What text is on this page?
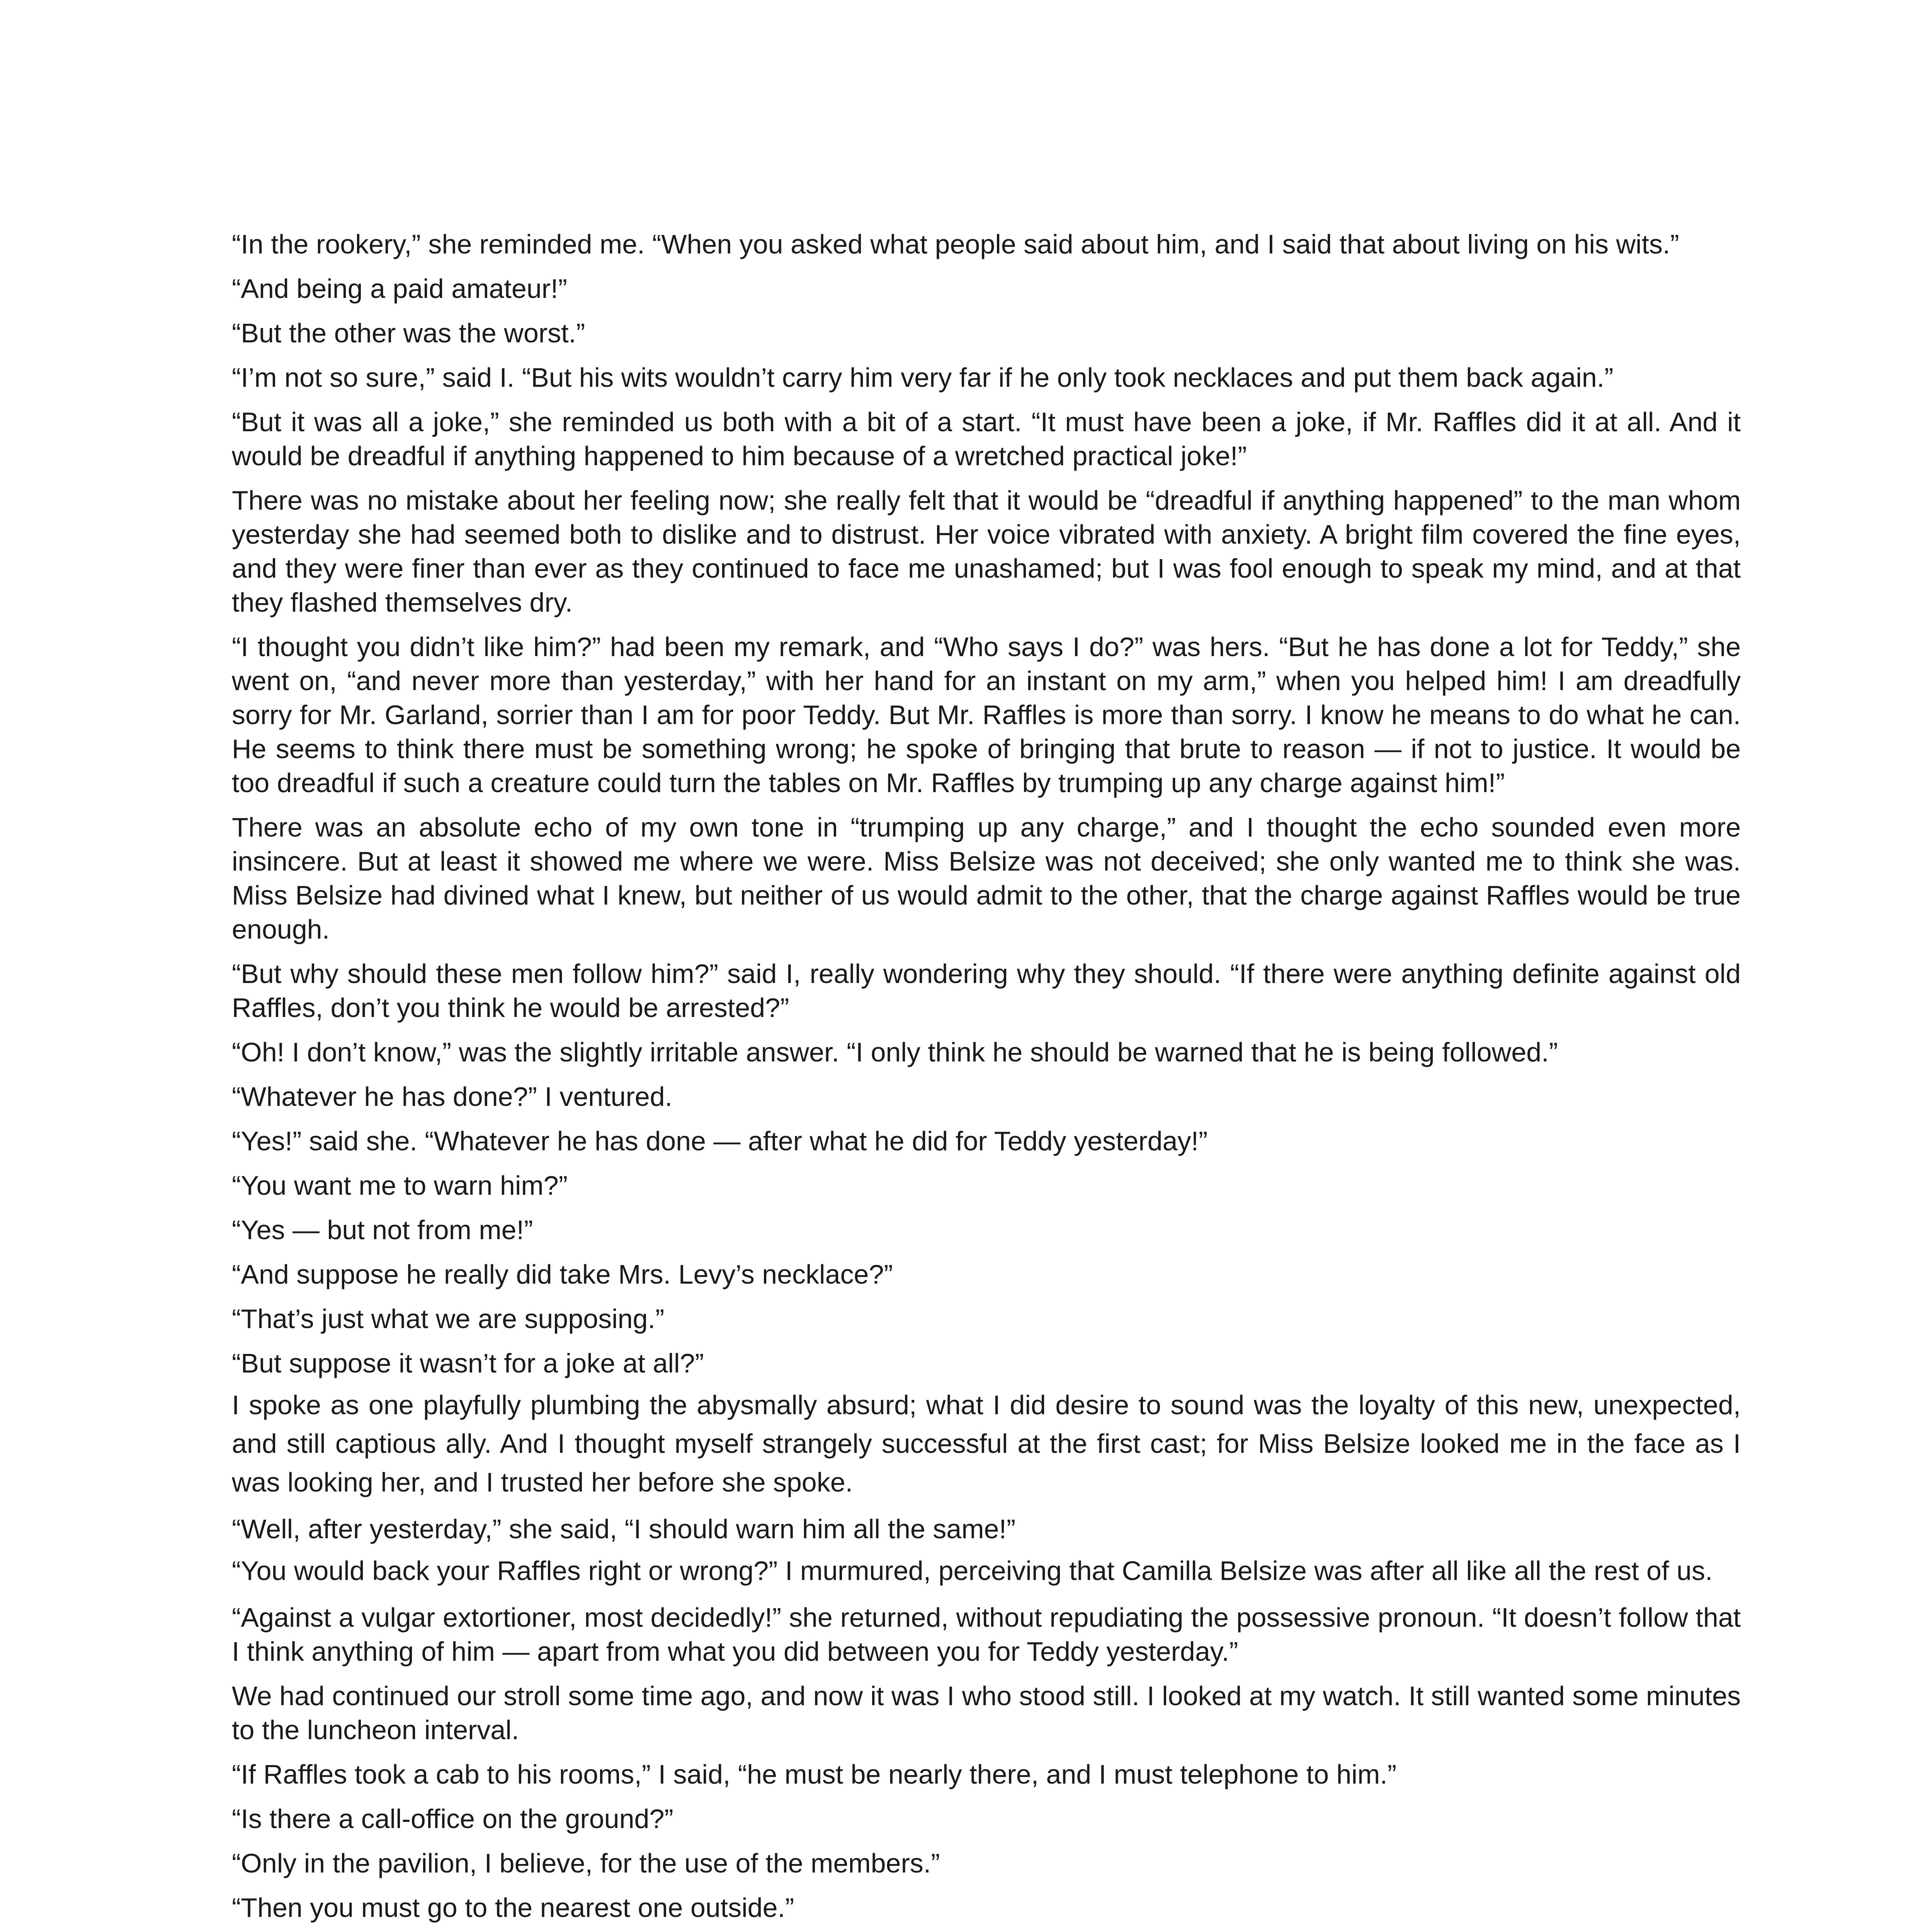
“In the rookery,” she reminded me. “When you asked what people said about him, and I said that about living on his wits.”

“And being a paid amateur!”

“But the other was the worst.”

“I’m not so sure,” said I. “But his wits wouldn’t carry him very far if he only took necklaces and put them back again.”

“But it was all a joke,” she reminded us both with a bit of a start. “It must have been a joke, if Mr. Raffles did it at all. And it would be dreadful if anything happened to him because of a wretched practical joke!”

There was no mistake about her feeling now; she really felt that it would be “dreadful if anything happened” to the man whom yesterday she had seemed both to dislike and to distrust. Her voice vibrated with anxiety. A bright film covered the fine eyes, and they were finer than ever as they continued to face me unashamed; but I was fool enough to speak my mind, and at that they flashed themselves dry.

“I thought you didn’t like him?” had been my remark, and “Who says I do?” was hers. “But he has done a lot for Teddy,” she went on, “and never more than yesterday,” with her hand for an instant on my arm,” when you helped him! I am dreadfully sorry for Mr. Garland, sorrier than I am for poor Teddy. But Mr. Raffles is more than sorry. I know he means to do what he can. He seems to think there must be something wrong; he spoke of bringing that brute to reason — if not to justice. It would be too dreadful if such a creature could turn the tables on Mr. Raffles by trumping up any charge against him!”

There was an absolute echo of my own tone in “trumping up any charge,” and I thought the echo sounded even more insincere. But at least it showed me where we were. Miss Belsize was not deceived; she only wanted me to think she was. Miss Belsize had divined what I knew, but neither of us would admit to the other, that the charge against Raffles would be true enough.

“But why should these men follow him?” said I, really wondering why they should. “If there were anything definite against old Raffles, don’t you think he would be arrested?”

“Oh! I don’t know,” was the slightly irritable answer. “I only think he should be warned that he is being followed.”

“Whatever he has done?” I ventured.

“Yes!” said she. “Whatever he has done — after what he did for Teddy yesterday!”

“You want me to warn him?”

“Yes — but not from me!”

“And suppose he really did take Mrs. Levy’s necklace?”

“That’s just what we are supposing.”

“But suppose it wasn’t for a joke at all?”

I spoke as one playfully plumbing the abysmally absurd; what I did desire to sound was the loyalty of this new, unexpected, and still captious ally. And I thought myself strangely successful at the first cast; for Miss Belsize looked me in the face as I was looking her, and I trusted her before she spoke.

“Well, after yesterday,” she said, “I should warn him all the same!”

“You would back your Raffles right or wrong?” I murmured, perceiving that Camilla Belsize was after all like all the rest of us.

“Against a vulgar extortioner, most decidedly!” she returned, without repudiating the possessive pronoun. “It doesn’t follow that I think anything of him — apart from what you did between you for Teddy yesterday.”

We had continued our stroll some time ago, and now it was I who stood still. I looked at my watch. It still wanted some minutes to the luncheon interval.

“If Raffles took a cab to his rooms,” I said, “he must be nearly there, and I must telephone to him.”

“Is there a call-office on the ground?”

“Only in the pavilion, I believe, for the use of the members.”

“Then you must go to the nearest one outside.”
